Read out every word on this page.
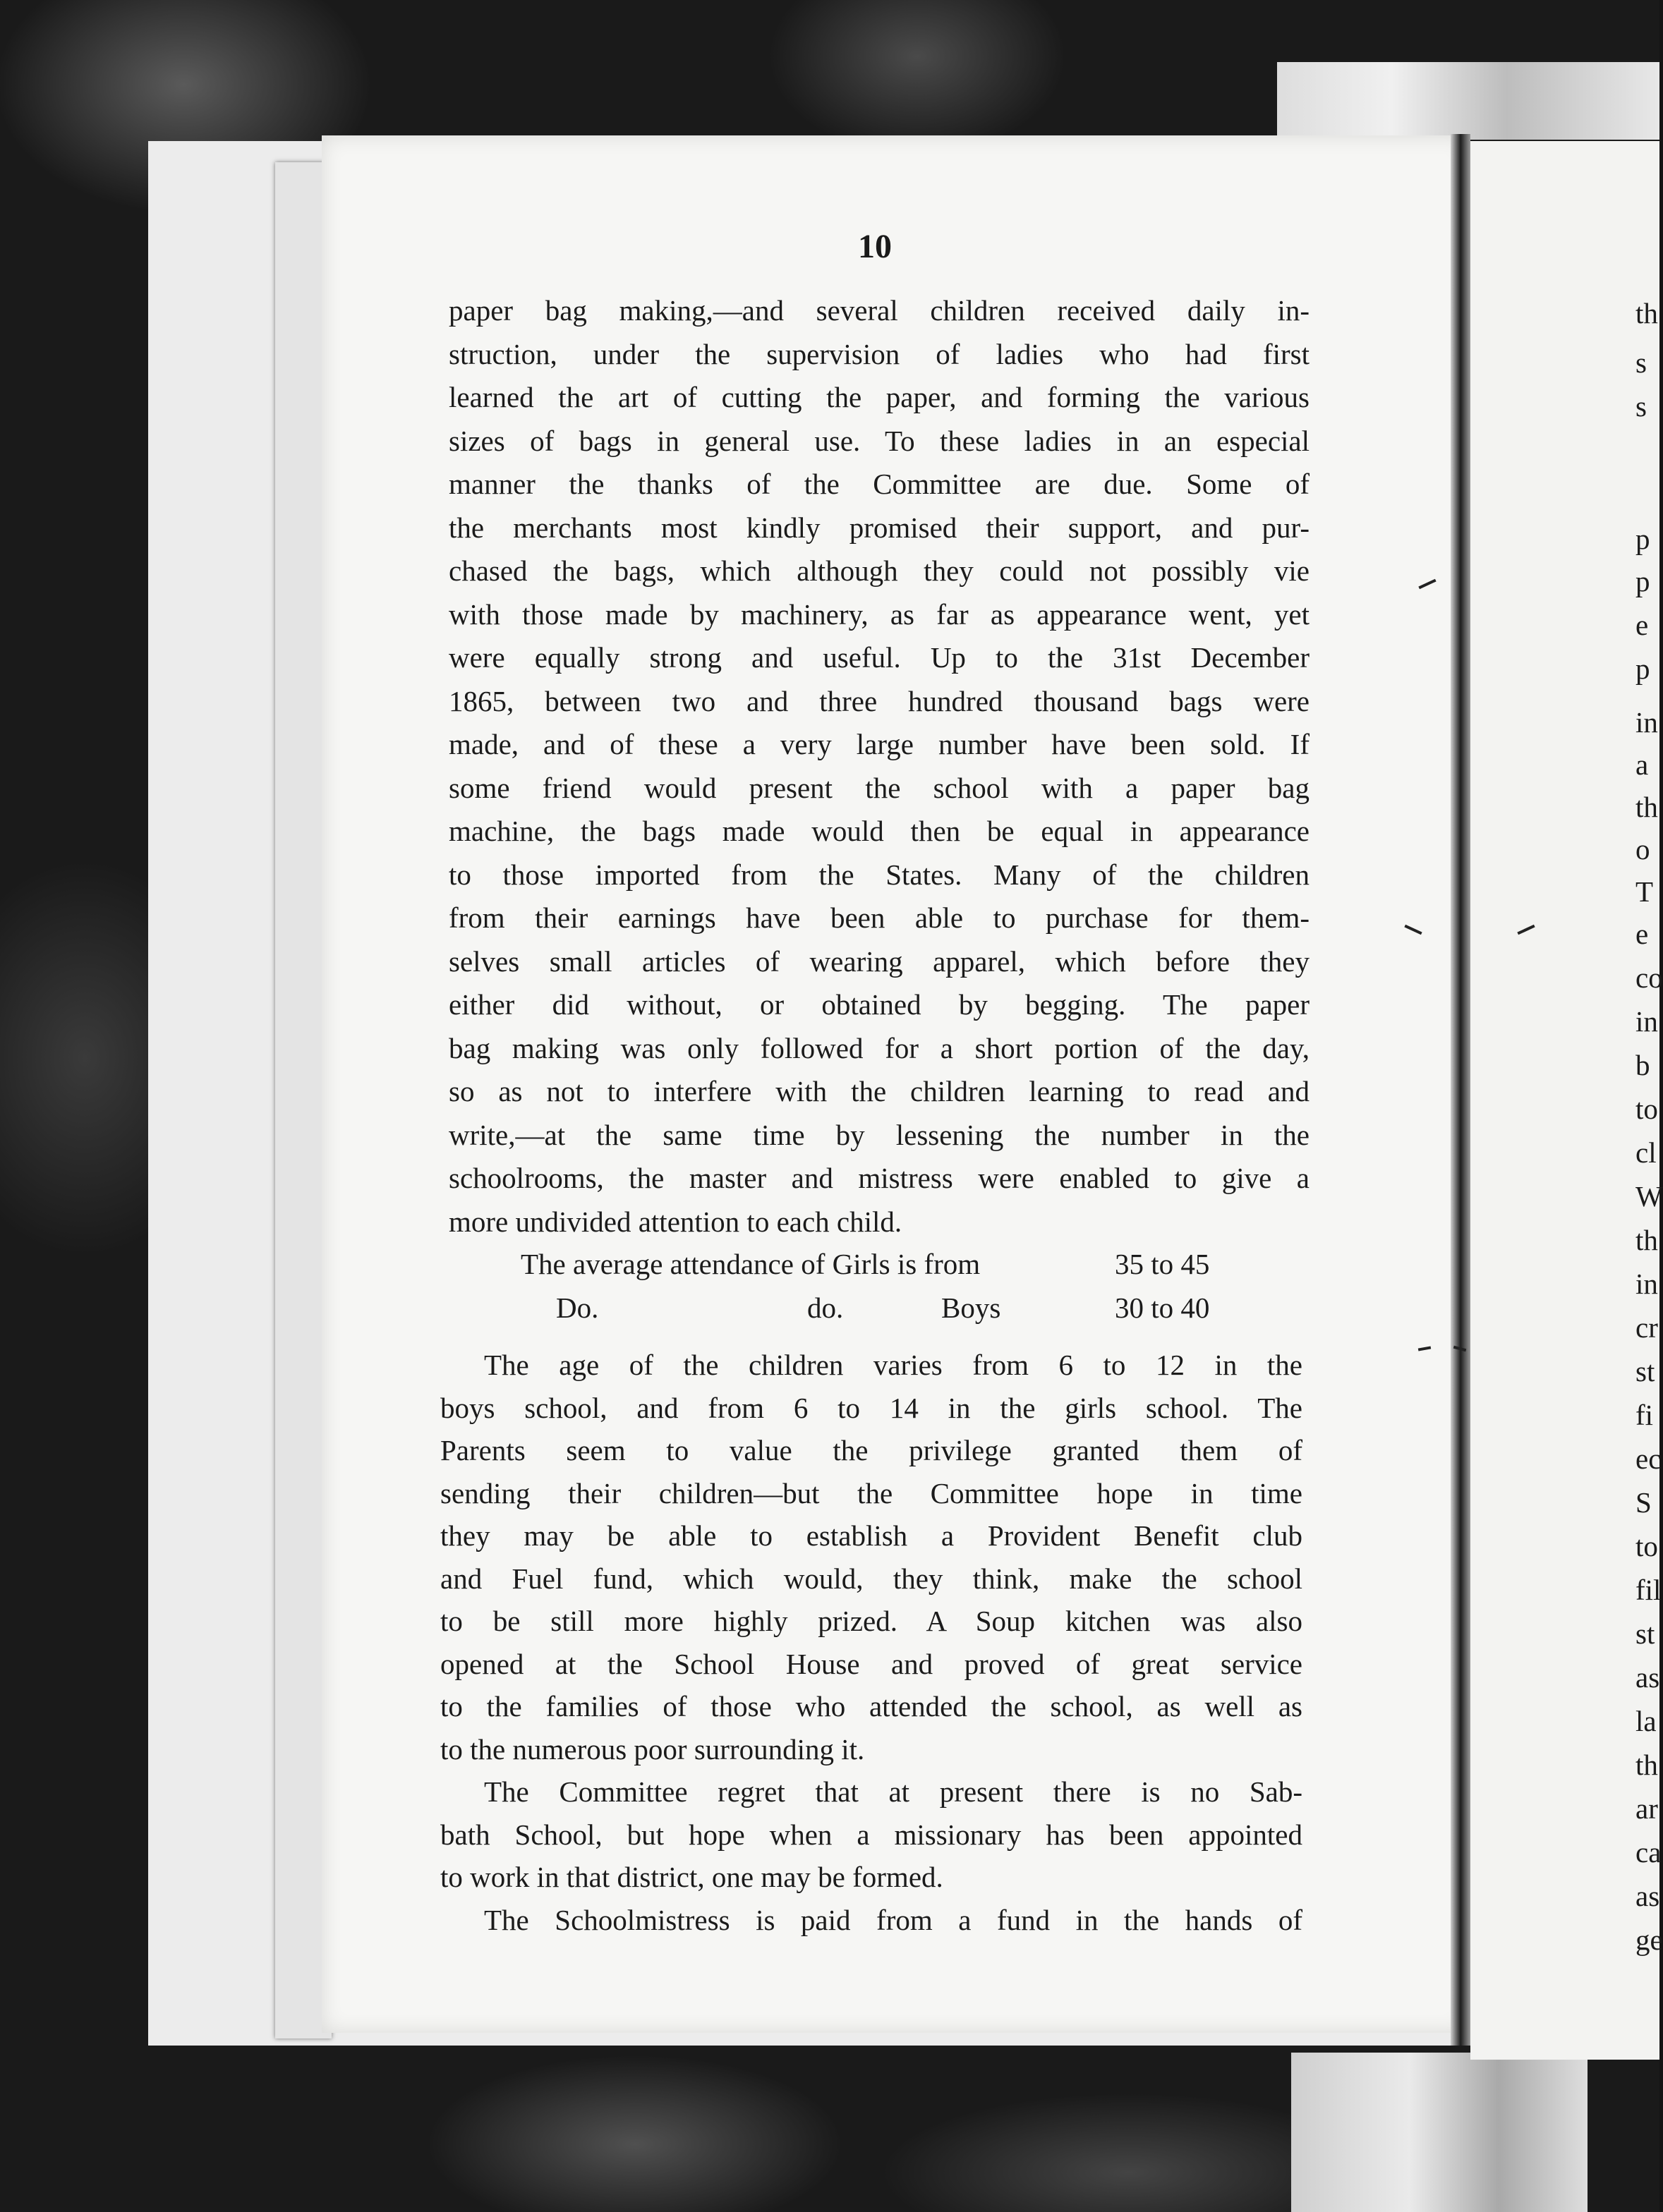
10
paper bag making,—and several children received daily in-
struction, under the supervision of ladies who had first
learned the art of cutting the paper, and forming the various
sizes of bags in general use. To these ladies in an especial
manner the thanks of the Committee are due. Some of
the merchants most kindly promised their support, and pur-
chased the bags, which although they could not possibly vie
with those made by machinery, as far as appearance went, yet
were equally strong and useful. Up to the 31st December
1865, between two and three hundred thousand bags were
made, and of these a very large number have been sold. If
some friend would present the school with a paper bag
machine, the bags made would then be equal in appearance
to those imported from the States. Many of the children
from their earnings have been able to purchase for them-
selves small articles of wearing apparel, which before they
either did without, or obtained by begging. The paper
bag making was only followed for a short portion of the day,
so as not to interfere with the children learning to read and
write,—at the same time by lessening the number in the
schoolrooms, the master and mistress were enabled to give a
more undivided attention to each child.
The average attendance of Girls is from	35 to 45
Do.	do.	Boys	30 to 40
The age of the children varies from 6 to 12 in the
boys school, and from 6 to 14 in the girls school. The
Parents seem to value the privilege granted them of
sending their children—but the Committee hope in time
they may be able to establish a Provident Benefit club
and Fuel fund, which would, they think, make the school
to be still more highly prized. A Soup kitchen was also
opened at the School House and proved of great service
to the families of those who attended the school, as well as
to the numerous poor surrounding it.
The Committee regret that at present there is no Sab-
bath School, but hope when a missionary has been appointed
to work in that district, one may be formed.
The Schoolmistress is paid from a fund in the hands of
th
s
s
p
p
e
p
in
a
th
o
T
e
co
in
b
to
cl
W
th
in
cr
st
fi
ec
S
to
fil
st
as
la
th
ar
ca
as
ge
